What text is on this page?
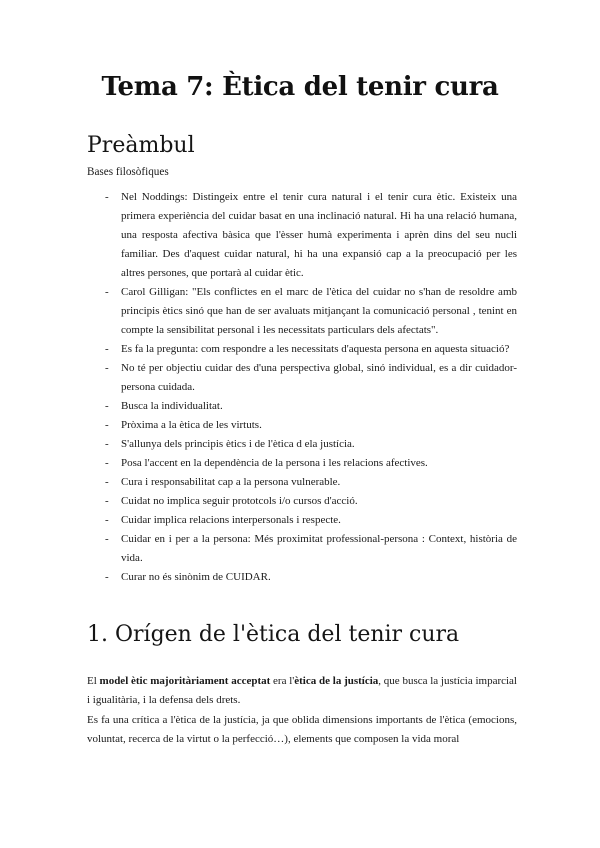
Tema 7: Ètica del tenir cura
Preàmbul
Bases filosòfiques
- Nel Noddings: Distingeix entre el tenir cura natural i el tenir cura ètic. Existeix una primera experiència del cuidar basat en una inclinació natural. Hi ha una relació humana, una resposta afectiva bàsica que l'èsser humà experimenta i aprèn dins del seu nucli familiar. Des d'aquest cuidar natural, hi ha una expansió cap a la preocupació per les altres persones, que portarà al cuidar ètic.
- Carol Gilligan: "Els conflictes en el marc de l'ètica del cuidar no s'han de resoldre amb principis ètics sinó que han de ser avaluats mitjançant la comunicació personal , tenint en compte la sensibilitat personal i les necessitats particulars dels afectats".
- Es fa la pregunta: com respondre a les necessitats d'aquesta persona en aquesta situació?
- No té per objectiu cuidar des d'una perspectiva global, sinó individual, es a dir cuidador-persona cuidada.
- Busca la individualitat.
- Pròxima a la ètica de les virtuts.
- S'allunya dels principis ètics i de l'ètica d ela justícia.
- Posa l'accent en la dependència de la persona i les relacions afectives.
- Cura i responsabilitat cap a la persona vulnerable.
- Cuidat no implica seguir prototcols i/o cursos d'acció.
- Cuidar implica relacions interpersonals i respecte.
- Cuidar en i per a la persona: Més proximitat professional-persona : Context, història de vida.
- Curar no és sinònim de CUIDAR.
1. Orígen de l'ètica del tenir cura

El model ètic majoritàriament acceptat era l'ètica de la justícia, que busca la justícia imparcial i igualitària, i la defensa dels drets.

Es fa una crítica a l'ètica de la justícia, ja que oblida dimensions importants de l'ètica (emocions, voluntat, recerca de la virtut o la perfecció…), elements que composen la vida moral
